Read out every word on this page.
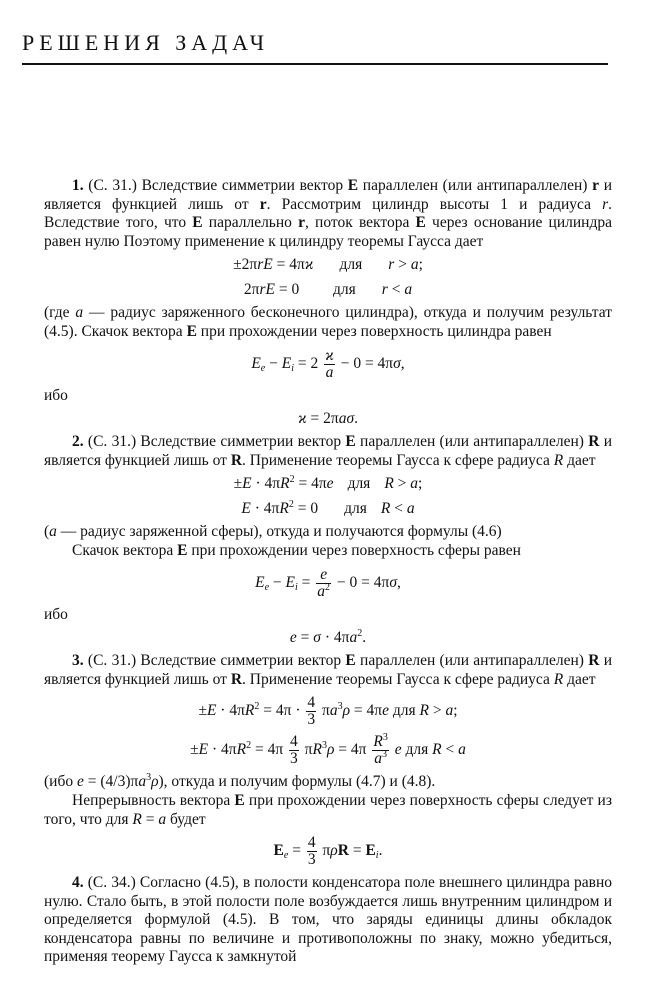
РЕШЕНИЯ ЗАДАЧ

1. (С. 31.) Вследствие симметрии вектор E параллелен (или антипараллелен) r и является функцией лишь от r. Рассмотрим цилиндр высоты 1 и радиуса r. Вследствие того, что E параллельно r, поток вектора E через основание цилиндра равен нулю Поэтому применение к цилиндру теоремы Гаусса дает

±2πrE = 4πϰ для r > a;
2πrE = 0  для r < a

(где a — радиус заряженного бесконечного цилиндра), откуда и получим результат (4.5). Скачок вектора E при прохождении через поверхность цилиндра равен

$E_e - E_i = 2 \frac{ϰ}{a} - 0 = 4\pi\sigma$,

ибо

ϰ = 2πaσ.

2. (С. 31.) Вследствие симметрии вектор E параллелен (или антипараллелен) R и является функцией лишь от R. Применение теоремы Гаусса к сфере радиуса R дает

$\pm E \cdot 4\pi R^2 = 4\pi e$ для R > a;
$E \cdot 4\pi R^2 = 0$ для R < a

(a — радиус заряженной сферы), откуда и получаются формулы (4.6)

Скачок вектора E при прохождении через поверхность сферы равен

$E_e - E_i = \frac{e}{a^2} - 0 = 4\pi\sigma$,

ибо

$e = \sigma \cdot 4\pi a^2$.

3. (С. 31.) Вследствие симметрии вектор E параллелен (или антипараллелен) R и является функцией лишь от R. Применение теоремы Гаусса к сфере радиуса R дает

$\pm E \cdot 4\pi R^2 = 4\pi \cdot \frac{4}{3} \pi a^3\rho = 4\pi e$ для R > a;
$\pm E \cdot 4\pi R^2 = 4\pi \frac{4}{3} \pi R^3\rho = 4\pi \frac{R^3}{a^3}$ e для R < a

(ибо $e = (4/3)\pi a^3\rho$), откуда и получим формулы (4.7) и (4.8).

Непрерывность вектора E при прохождении через поверхность сферы следует из того, что для R = a будет

$E_e = \frac{4}{3}$ $\pi\rho R = E_i$.

4. (С. 34.) Согласно (4.5), в полости конденсатора поле внешнего цилиндра равно нулю. Стало быть, в этой полости поле возбуждается лишь внутренним цилиндром и определяется формулой (4.5). В том, что заряды единицы длины обкладок конденсатора равны по величине и противоположны по знаку, можно убедиться, применяя теорему Гаусса к замкнутой
